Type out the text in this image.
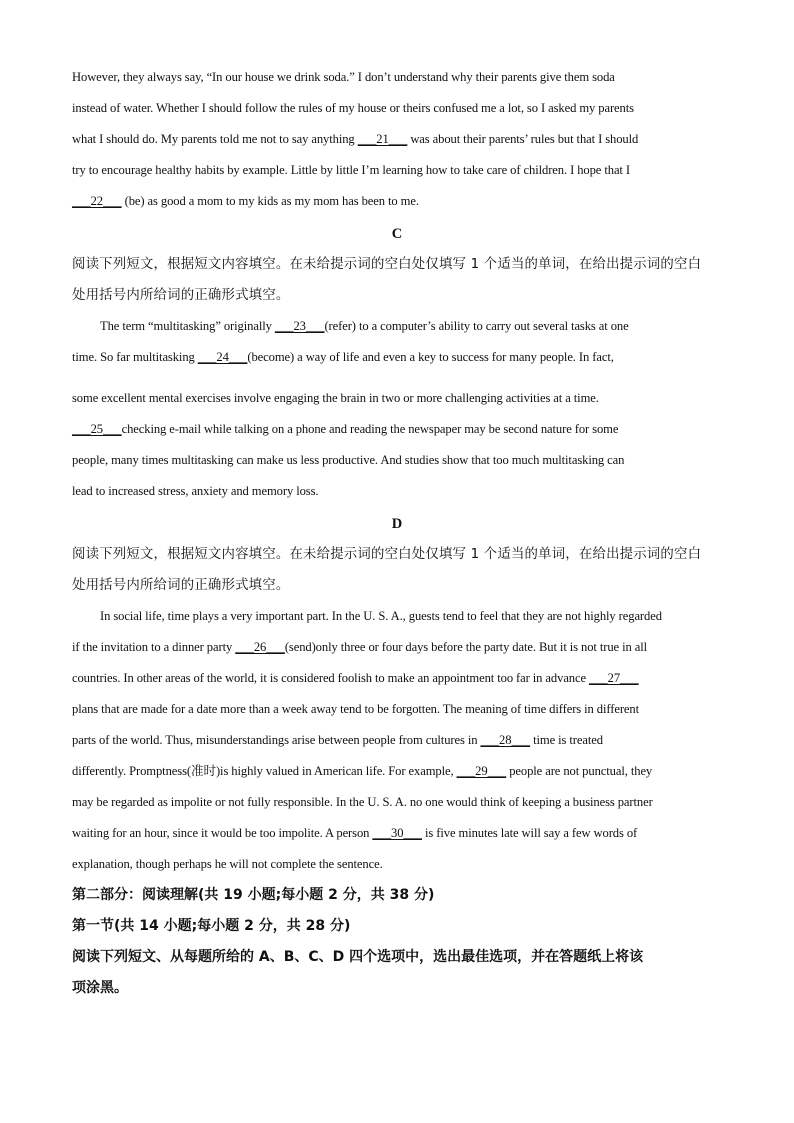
However, they always say, “In our house we drink soda.” I don’t understand why their parents give them soda
instead of water. Whether I should follow the rules of my house or theirs confused me a lot, so I asked my parents
what I should do. My parents told me not to say anything ___21___ was about their parents’ rules but that I should
try to encourage healthy habits by example. Little by little I’m learning how to take care of children. I hope that I
___22___ (be) as good a mom to my kids as my mom has been to me.
C
阅读下列短文，根据短文内容填空。在未给提示词的空白处仅填写 1 个适当的单词，在给出提示词的空白
处用括号内所给词的正确形式填空。
The term “multitasking” originally ___23___(refer) to a computer’s ability to carry out several tasks at one
time. So far multitasking ___24___(become) a way of life and even a key to success for many people. In fact,
some excellent mental exercises involve engaging the brain in two or more challenging activities at a time.
___25___checking e-mail while talking on a phone and reading the newspaper may be second nature for some
people, many times multitasking can make us less productive. And studies show that too much multitasking can
lead to increased stress, anxiety and memory loss.
D
阅读下列短文，根据短文内容填空。在未给提示词的空白处仅填写 1 个适当的单词，在给出提示词的空白
处用括号内所给词的正确形式填空。
In social life, time plays a very important part. In the U. S. A., guests tend to feel that they are not highly regarded
if the invitation to a dinner party ___26___(send)only three or four days before the party date. But it is not true in all
countries. In other areas of the world, it is considered foolish to make an appointment too far in advance ___27___
plans that are made for a date more than a week away tend to be forgotten. The meaning of time differs in different
parts of the world. Thus, misunderstandings arise between people from cultures in ___28___ time is treated
differently. Promptness(准时)is highly valued in American life. For example, ___29___ people are not punctual, they
may be regarded as impolite or not fully responsible. In the U. S. A. no one would think of keeping a business partner
waiting for an hour, since it would be too impolite. A person ___30___ is five minutes late will say a few words of
explanation, though perhaps he will not complete the sentence.
第二部分：阅读理解(共 19 小题;每小题 2 分，共 38 分)
第一节(共 14 小题;每小题 2 分，共 28 分)
阅读下列短文、从每题所给的 A、B、C、D 四个选项中，选出最佳选项，并在答题纸上将该
项涂黑。
